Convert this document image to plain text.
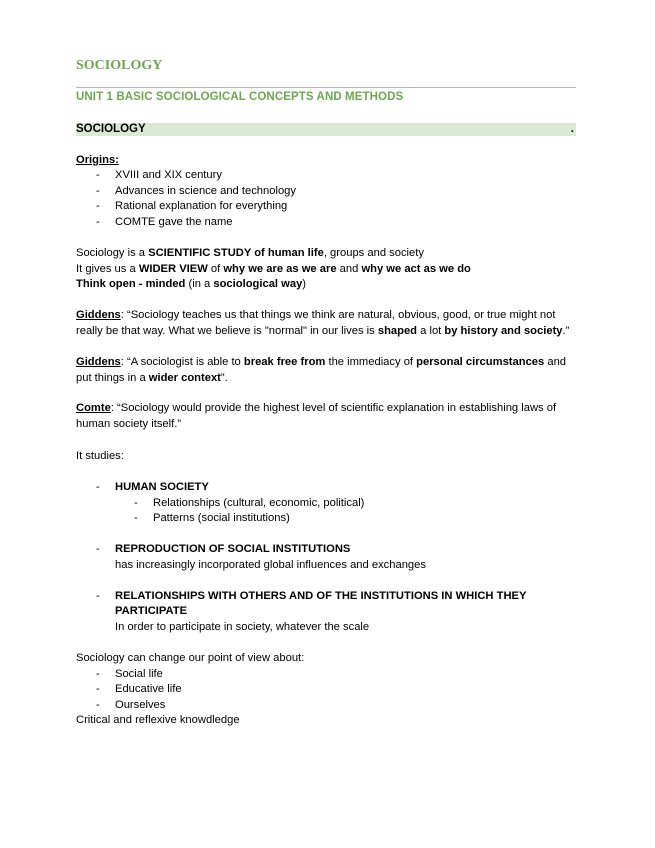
SOCIOLOGY
UNIT 1 BASIC SOCIOLOGICAL CONCEPTS AND METHODS
SOCIOLOGY	.
Origins:
- XVIII and XIX century
- Advances in science and technology
- Rational explanation for everything
- COMTE gave the name
Sociology is a SCIENTIFIC STUDY of human life, groups and society
It gives us a WIDER VIEW of why we are as we are and why we act as we do
Think open - minded (in a sociological way)
Giddens: “Sociology teaches us that things we think are natural, obvious, good, or true might not really be that way. What we believe is "normal" in our lives is shaped a lot by history and society.”
Giddens: “A sociologist is able to break free from the immediacy of personal circumstances and put things in a wider context”.
Comte: “Sociology would provide the highest level of scientific explanation in establishing laws of human society itself.”
It studies:
- HUMAN SOCIETY
- Relationships (cultural, economic, political)
- Patterns (social institutions)
- REPRODUCTION OF SOCIAL INSTITUTIONS
has increasingly incorporated global influences and exchanges
- RELATIONSHIPS WITH OTHERS AND OF THE INSTITUTIONS IN WHICH THEY
PARTICIPATE
In order to participate in society, whatever the scale
Sociology can change our point of view about:
- Social life
- Educative life
- Ourselves
Critical and reflexive knowdledge
